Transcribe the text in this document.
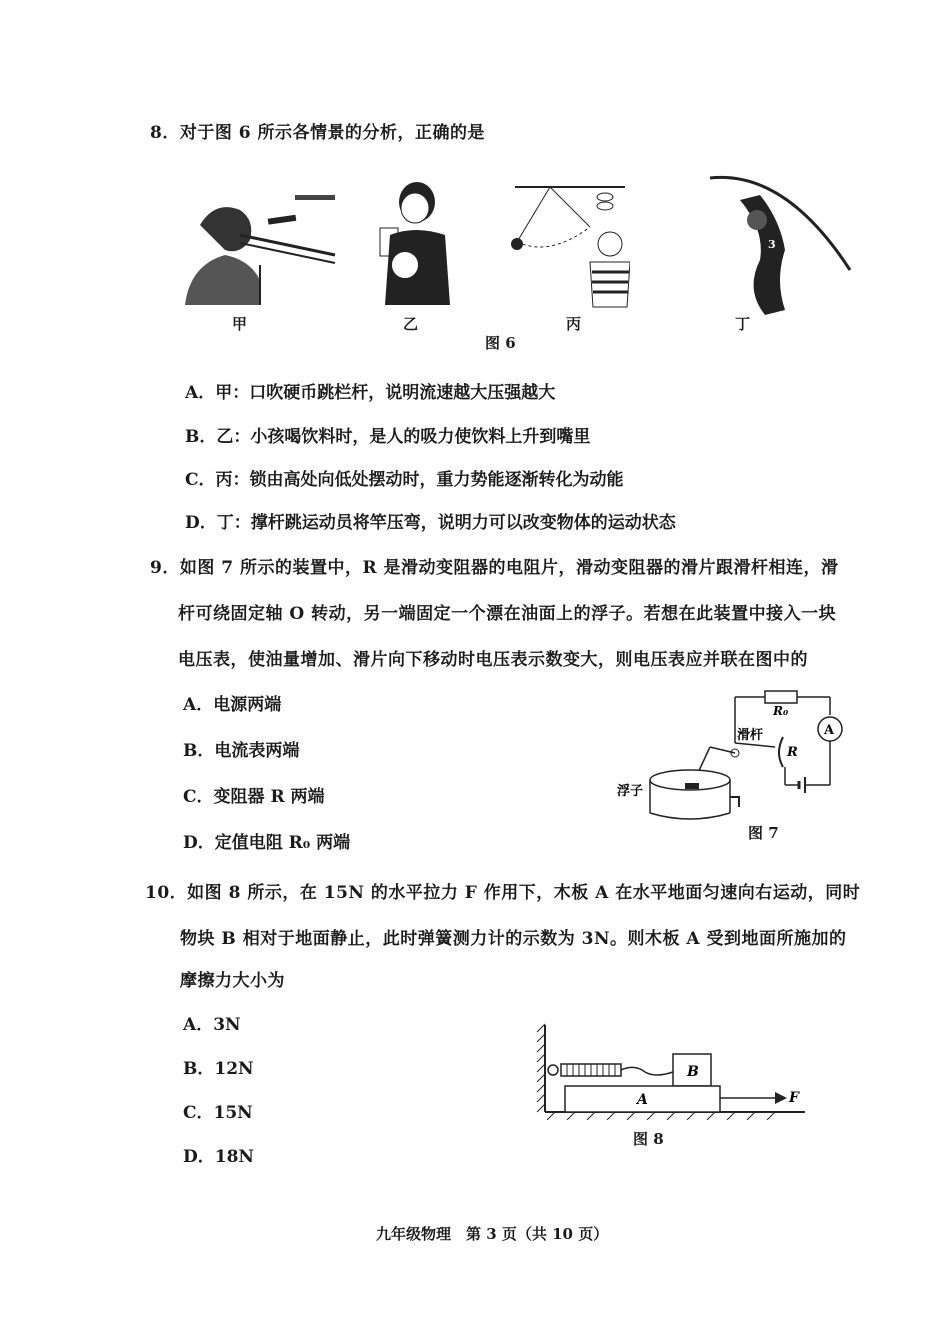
8．对于图 6 所示各情景的分析，正确的是
3
甲	乙	丙	丁
图 6
A．甲：口吹硬币跳栏杆，说明流速越大压强越大
B．乙：小孩喝饮料时，是人的吸力使饮料上升到嘴里
C．丙：锁由高处向低处摆动时，重力势能逐渐转化为动能
D．丁：撑杆跳运动员将竿压弯，说明力可以改变物体的运动状态
9．如图 7 所示的装置中，R 是滑动变阻器的电阻片，滑动变阻器的滑片跟滑杆相连，滑
杆可绕固定轴 O 转动，另一端固定一个漂在油面上的浮子。若想在此装置中接入一块
电压表，使油量增加、滑片向下移动时电压表示数变大，则电压表应并联在图中的
A．电源两端
B．电流表两端
C．变阻器 R 两端
D．定值电阻 R₀ 两端
R₀
A
滑杆
R
浮子
图 7
10．如图 8 所示，在 15N 的水平拉力 F 作用下，木板 A 在水平地面匀速向右运动，同时
物块 B 相对于地面静止，此时弹簧测力计的示数为 3N。则木板 A 受到地面所施加的
摩擦力大小为
A．3N
B．12N
C．15N
D．18N
B
A	F
图 8
九年级物理　第 3 页（共 10 页）
